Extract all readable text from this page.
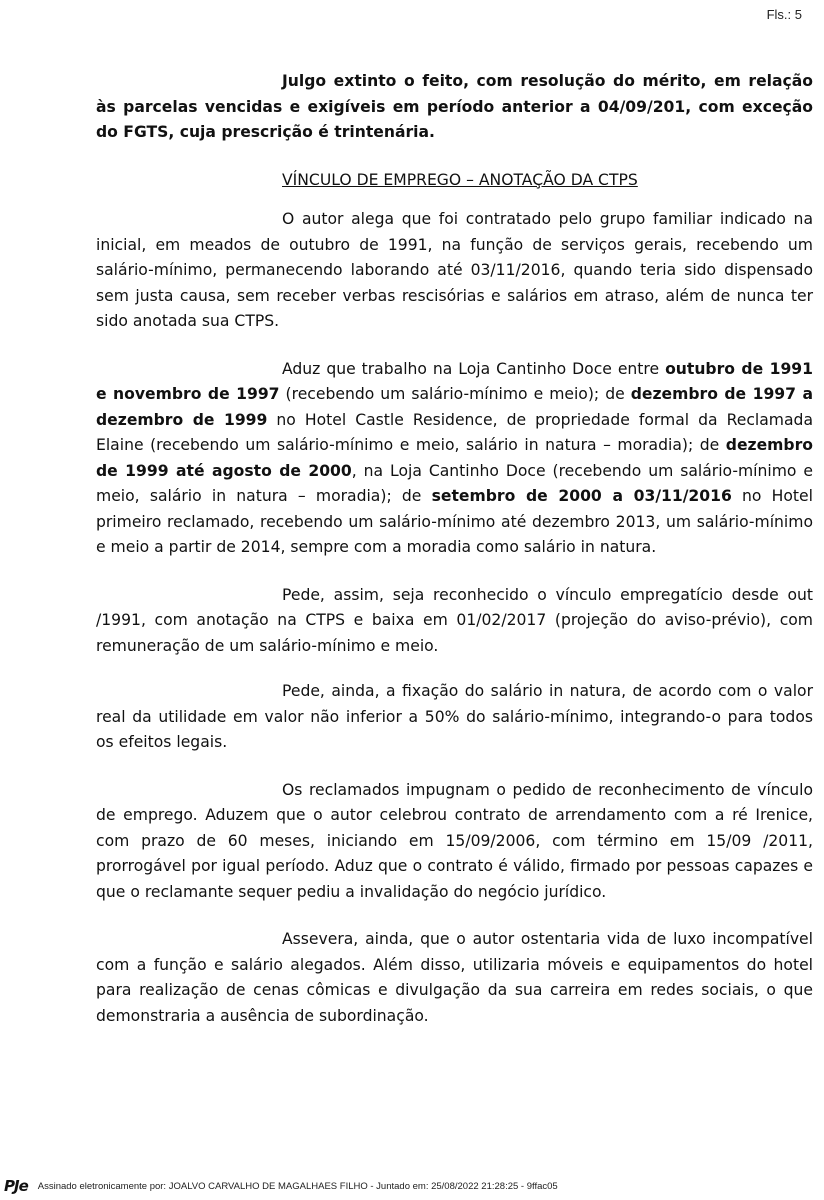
Fls.: 5

Julgo extinto o feito, com resolução do mérito, em relação às parcelas vencidas e exigíveis em período anterior a 04/09/201, com exceção do FGTS, cuja prescrição é trintenária.

VÍNCULO DE EMPREGO – ANOTAÇÃO DA CTPS

O autor alega que foi contratado pelo grupo familiar indicado na inicial, em meados de outubro de 1991, na função de serviços gerais, recebendo um salário-mínimo, permanecendo laborando até 03/11/2016, quando teria sido dispensado sem justa causa, sem receber verbas rescisórias e salários em atraso, além de nunca ter sido anotada sua CTPS.

Aduz que trabalho na Loja Cantinho Doce entre outubro de 1991 e novembro de 1997 (recebendo um salário-mínimo e meio); de dezembro de 1997 a dezembro de 1999 no Hotel Castle Residence, de propriedade formal da Reclamada Elaine (recebendo um salário-mínimo e meio, salário in natura – moradia); de dezembro de 1999 até agosto de 2000, na Loja Cantinho Doce (recebendo um salário-mínimo e meio, salário in natura – moradia); de setembro de 2000 a 03/11/2016 no Hotel primeiro reclamado, recebendo um salário-mínimo até dezembro 2013, um salário-mínimo e meio a partir de 2014, sempre com a moradia como salário in natura.

Pede, assim, seja reconhecido o vínculo empregatício desde out /1991, com anotação na CTPS e baixa em 01/02/2017 (projeção do aviso-prévio), com remuneração de um salário-mínimo e meio.

Pede, ainda, a fixação do salário in natura, de acordo com o valor real da utilidade em valor não inferior a 50% do salário-mínimo, integrando-o para todos os efeitos legais.

Os reclamados impugnam o pedido de reconhecimento de vínculo de emprego. Aduzem que o autor celebrou contrato de arrendamento com a ré Irenice, com prazo de 60 meses, iniciando em 15/09/2006, com término em 15/09 /2011, prorrogável por igual período. Aduz que o contrato é válido, firmado por pessoas capazes e que o reclamante sequer pediu a invalidação do negócio jurídico.

Assevera, ainda, que o autor ostentaria vida de luxo incompatível com a função e salário alegados. Além disso, utilizaria móveis e equipamentos do hotel para realização de cenas cômicas e divulgação da sua carreira em redes sociais, o que demonstraria a ausência de subordinação.

PJe Assinado eletronicamente por: JOALVO CARVALHO DE MAGALHAES FILHO - Juntado em: 25/08/2022 21:28:25 - 9ffac05
